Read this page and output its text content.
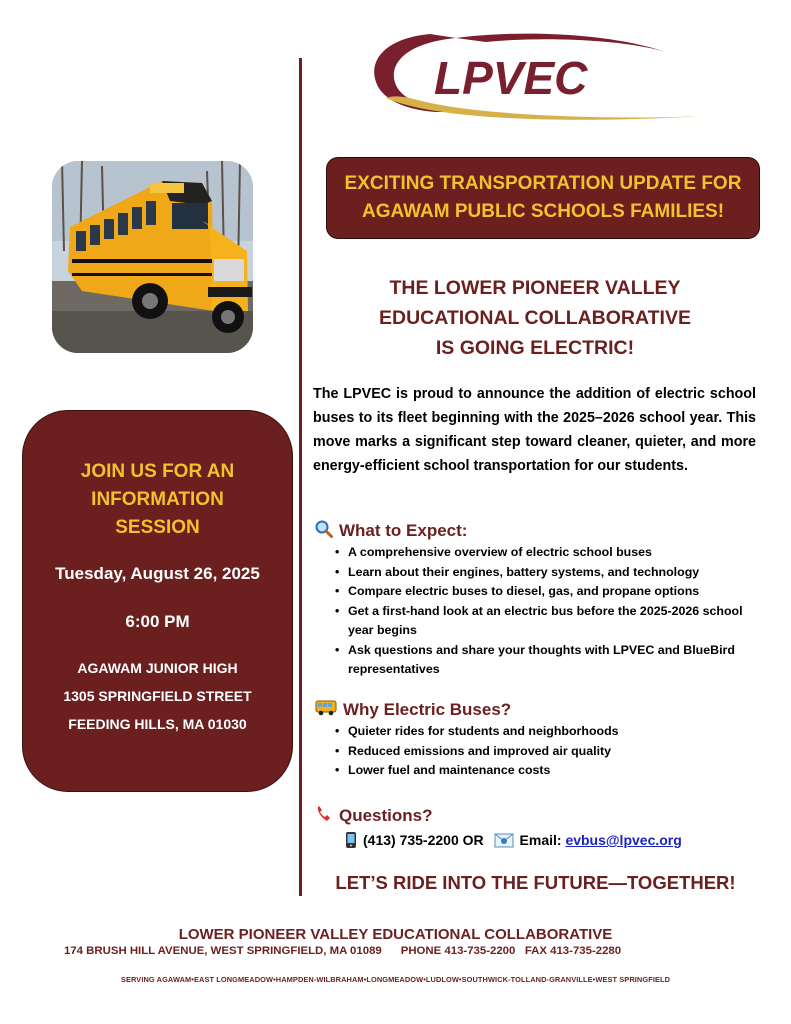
LPVEC
JOIN US FOR AN INFORMATION SESSION
Tuesday, August 26, 2025
6:00 PM
AGAWAM JUNIOR HIGH
1305 SPRINGFIELD STREET
FEEDING HILLS, MA 01030
EXCITING TRANSPORTATION UPDATE FOR
AGAWAM PUBLIC SCHOOLS FAMILIES!
THE LOWER PIONEER VALLEY
EDUCATIONAL COLLABORATIVE
IS GOING ELECTRIC!
The LPVEC is proud to announce the addition of electric school buses to its fleet beginning with the 2025–2026 school year. This move marks a significant step toward cleaner, quieter, and more energy-efficient school transportation for our students.
What to Expect:
• A comprehensive overview of electric school buses
• Learn about their engines, battery systems, and technology
• Compare electric buses to diesel, gas, and propane options
• Get a first-hand look at an electric bus before the 2025-2026 school year begins
• Ask questions and share your thoughts with LPVEC and BlueBird representatives
Why Electric Buses?
• Quieter rides for students and neighborhoods
• Reduced emissions and improved air quality
• Lower fuel and maintenance costs
Questions?
(413) 735-2200 OR	Email: evbus@lpvec.org
LET’S RIDE INTO THE FUTURE—TOGETHER!
LOWER PIONEER VALLEY EDUCATIONAL COLLABORATIVE
174 BRUSH HILL AVENUE, WEST SPRINGFIELD, MA 01089      PHONE 413-735-2200   FAX 413-735-2280
SERVING AGAWAM•EAST LONGMEADOW•HAMPDEN-WILBRAHAM•LONGMEADOW•LUDLOW•SOUTHWICK-TOLLAND-GRANVILLE•WEST SPRINGFIELD
